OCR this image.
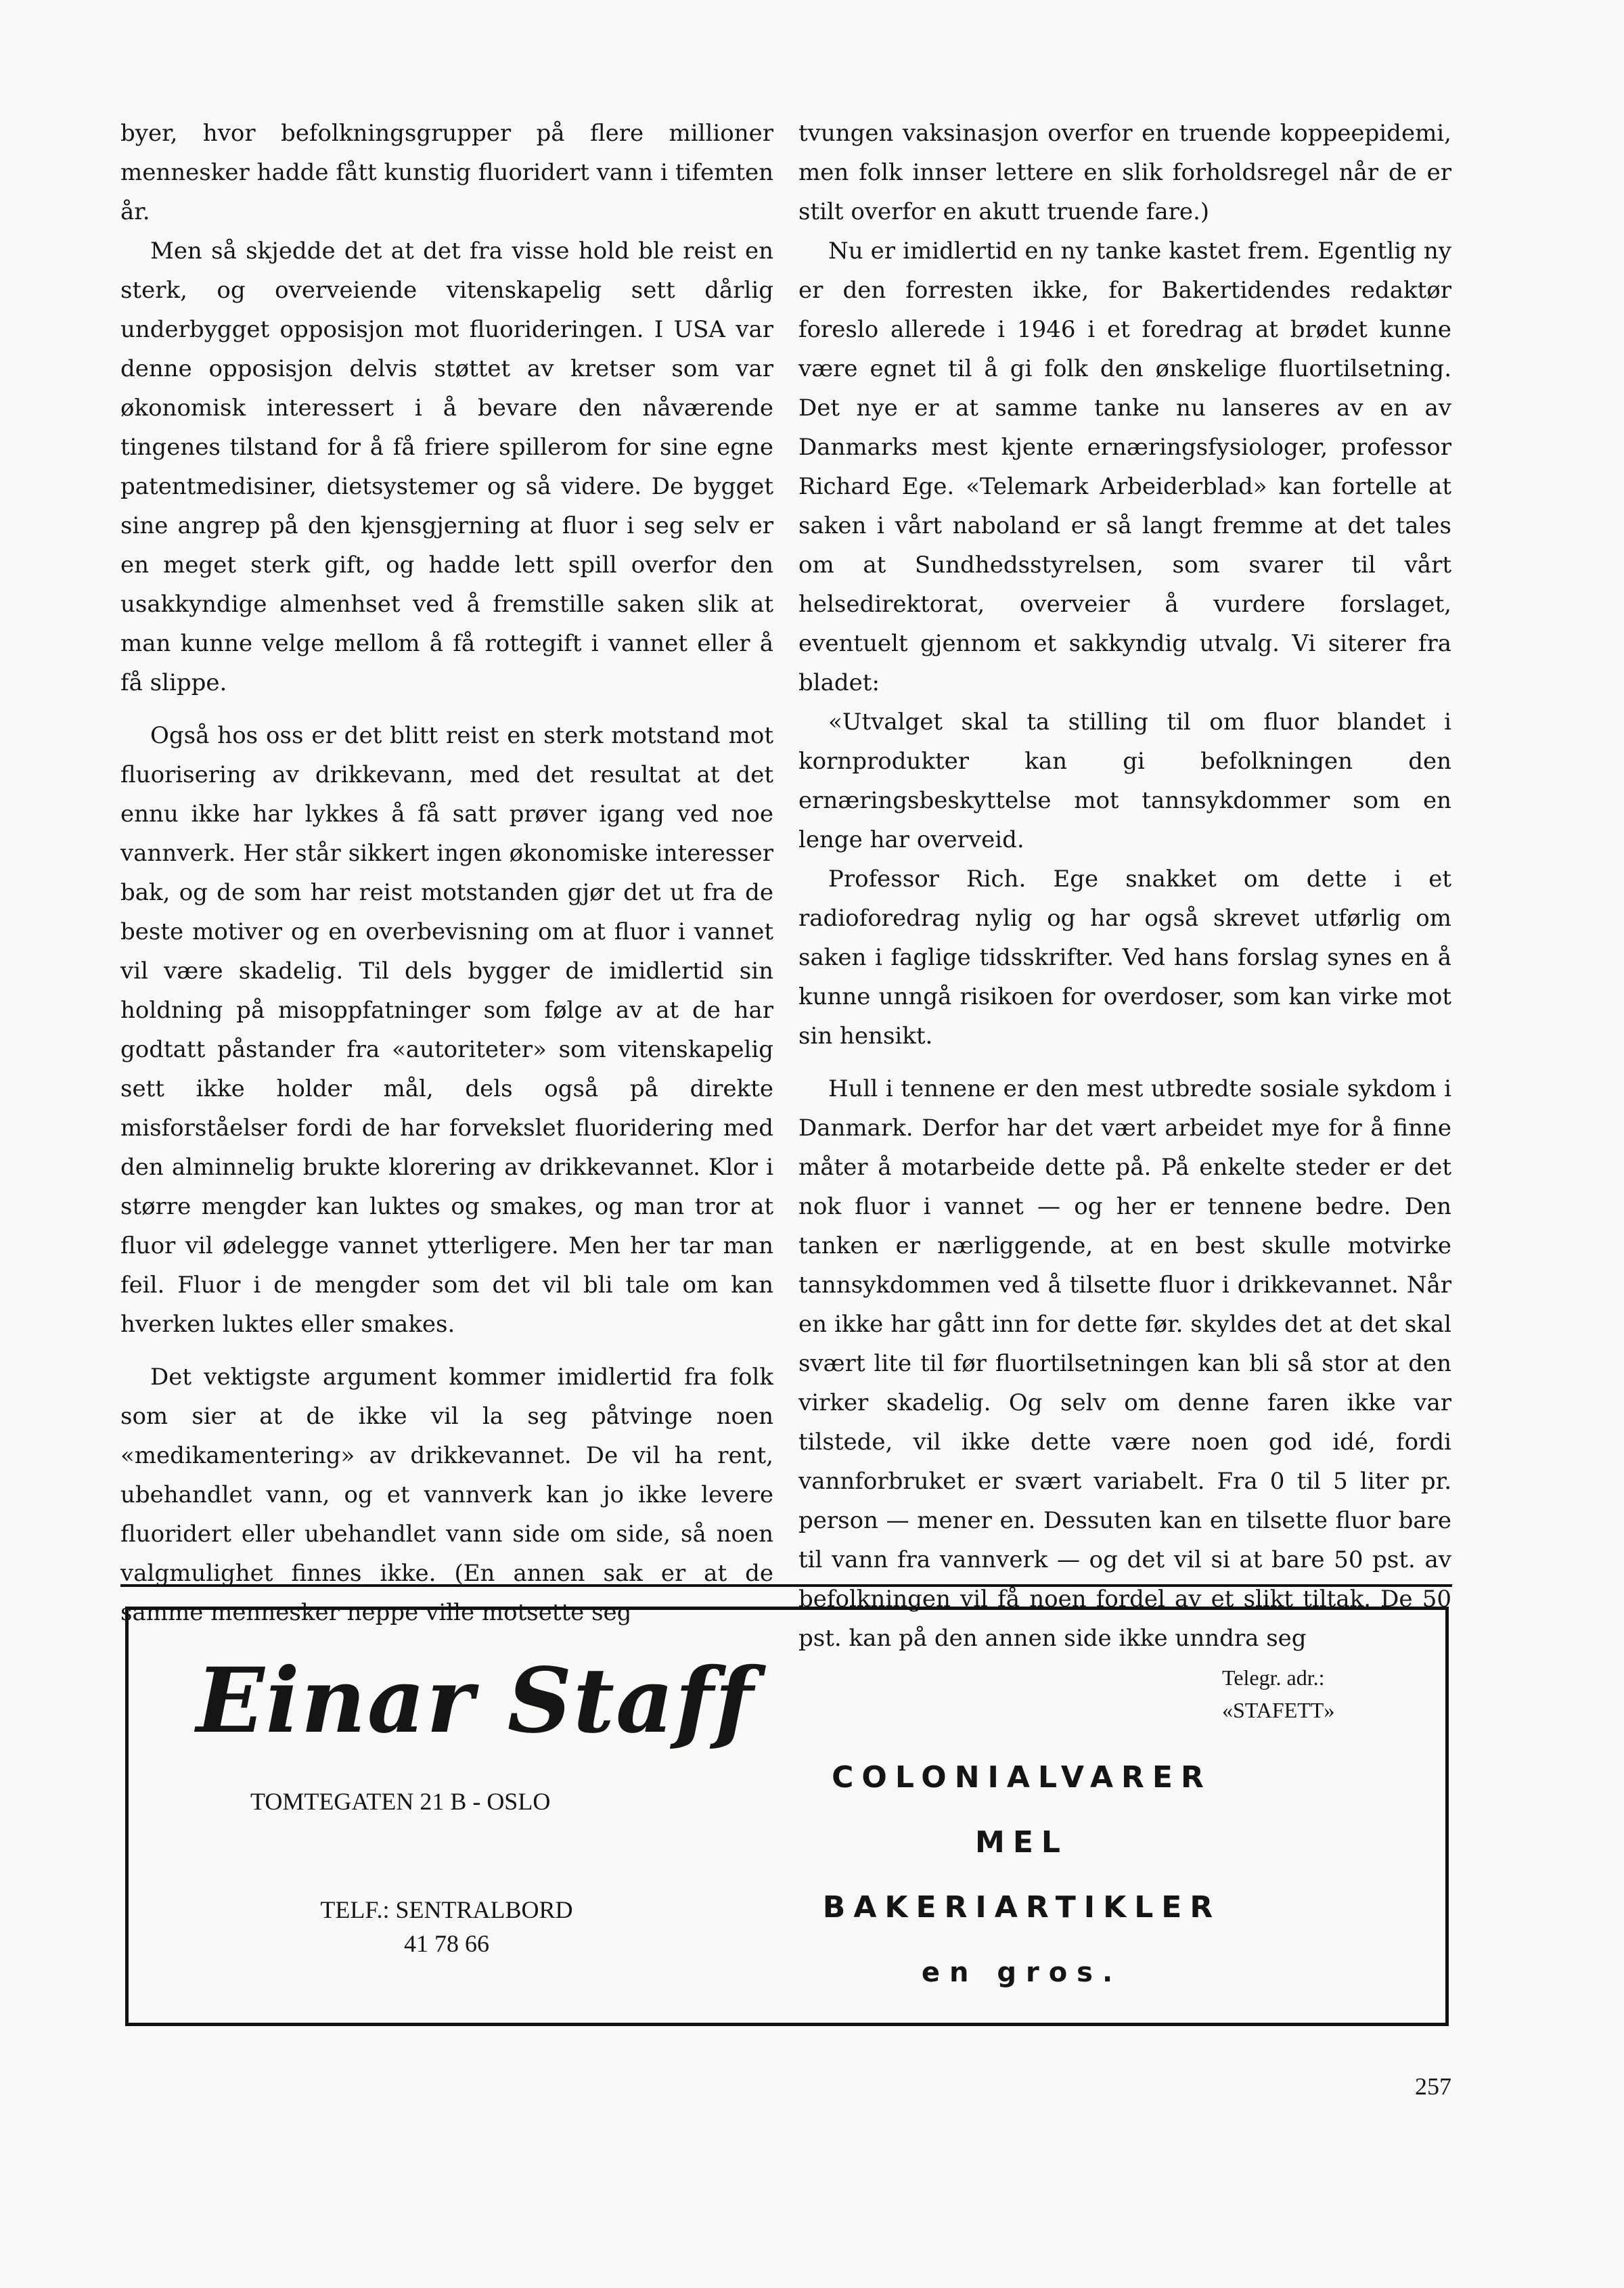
byer, hvor befolkningsgrupper på flere millioner mennesker hadde fått kunstig fluoridert vann i tifemten år.

Men så skjedde det at det fra visse hold ble reist en sterk, og overveiende vitenskapelig sett dårlig underbygget opposisjon mot fluorideringen. I USA var denne opposisjon delvis støttet av kretser som var økonomisk interessert i å bevare den nåværende tingenes tilstand for å få friere spillerom for sine egne patentmedisiner, dietsystemer og så videre. De bygget sine angrep på den kjensgjerning at fluor i seg selv er en meget sterk gift, og hadde lett spill overfor den usakkyndige almenhset ved å fremstille saken slik at man kunne velge mellom å få rottegift i vannet eller å få slippe.

Også hos oss er det blitt reist en sterk motstand mot fluorisering av drikkevann, med det resultat at det ennu ikke har lykkes å få satt prøver igang ved noe vannverk. Her står sikkert ingen økonomiske interesser bak, og de som har reist motstanden gjør det ut fra de beste motiver og en overbevisning om at fluor i vannet vil være skadelig. Til dels bygger de imidlertid sin holdning på misoppfatninger som følge av at de har godtatt påstander fra «autoriteter» som vitenskapelig sett ikke holder mål, dels også på direkte misforståelser fordi de har forvekslet fluoridering med den alminnelig brukte klorering av drikkevannet. Klor i større mengder kan luktes og smakes, og man tror at fluor vil ødelegge vannet ytterligere. Men her tar man feil. Fluor i de mengder som det vil bli tale om kan hverken luktes eller smakes.

Det vektigste argument kommer imidlertid fra folk som sier at de ikke vil la seg påtvinge noen «medikamentering» av drikkevannet. De vil ha rent, ubehandlet vann, og et vannverk kan jo ikke levere fluoridert eller ubehandlet vann side om side, så noen valgmulighet finnes ikke. (En annen sak er at de samme mennesker neppe ville motsette seg

tvungen vaksinasjon overfor en truende koppeepidemi, men folk innser lettere en slik forholdsregel når de er stilt overfor en akutt truende fare.)

Nu er imidlertid en ny tanke kastet frem. Egentlig ny er den forresten ikke, for Bakertidendes redaktør foreslo allerede i 1946 i et foredrag at brødet kunne være egnet til å gi folk den ønskelige fluortilsetning. Det nye er at samme tanke nu lanseres av en av Danmarks mest kjente ernæringsfysiologer, professor Richard Ege. «Telemark Arbeiderblad» kan fortelle at saken i vårt naboland er så langt fremme at det tales om at Sundhedsstyrelsen, som svarer til vårt helsedirektorat, overveier å vurdere forslaget, eventuelt gjennom et sakkyndig utvalg. Vi siterer fra bladet:

«Utvalget skal ta stilling til om fluor blandet i kornprodukter kan gi befolkningen den ernæringsbeskyttelse mot tannsykdommer som en lenge har overveid.

Professor Rich. Ege snakket om dette i et radioforedrag nylig og har også skrevet utførlig om saken i faglige tidsskrifter. Ved hans forslag synes en å kunne unngå risikoen for overdoser, som kan virke mot sin hensikt.

Hull i tennene er den mest utbredte sosiale sykdom i Danmark. Derfor har det vært arbeidet mye for å finne måter å motarbeide dette på. På enkelte steder er det nok fluor i vannet — og her er tennene bedre. Den tanken er nærliggende, at en best skulle motvirke tannsykdommen ved å tilsette fluor i drikkevannet. Når en ikke har gått inn for dette før. skyldes det at det skal svært lite til før fluortilsetningen kan bli så stor at den virker skadelig. Og selv om denne faren ikke var tilstede, vil ikke dette være noen god idé, fordi vannforbruket er svært variabelt. Fra 0 til 5 liter pr. person — mener en. Dessuten kan en tilsette fluor bare til vann fra vannverk — og det vil si at bare 50 pst. av befolkningen vil få noen fordel av et slikt tiltak. De 50 pst. kan på den annen side ikke unndra seg

Einar Staff
TOMTEGATEN 21 B - OSLO
TELF.: SENTRALBORD
41 78 66
Telegr. adr.:
«STAFETT»
COLONIALVARER
MEL
BAKERIARTIKLER
en gros.
257
